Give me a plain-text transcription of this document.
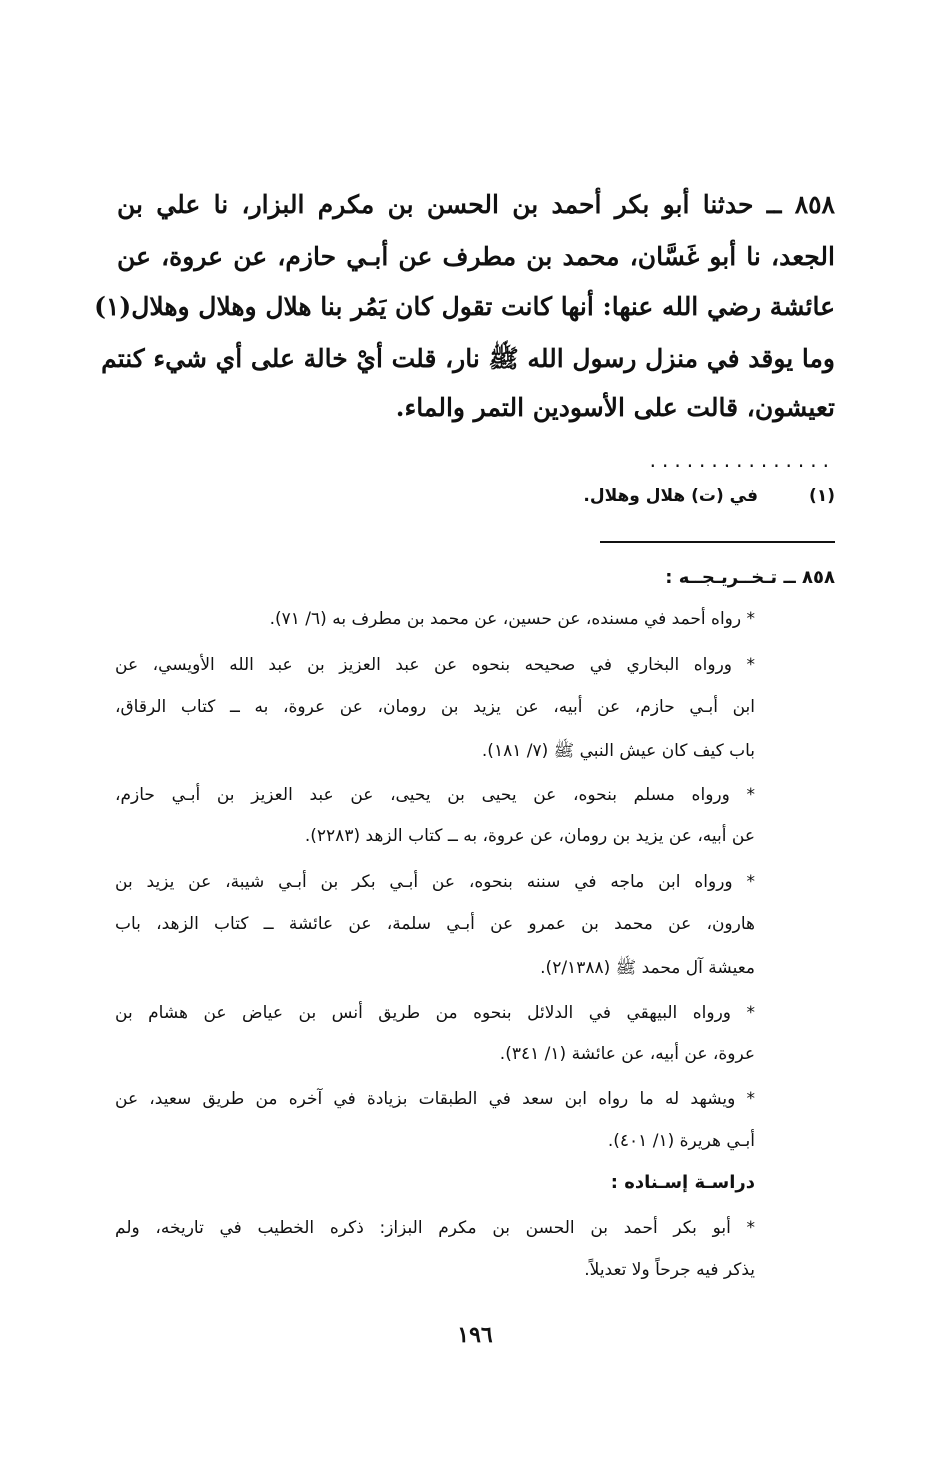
٨٥٨ ــ حدثنا أبو بكر أحمد بن الحسن بن مكرم البزار، نا علي بن
الجعد، نا أبو غَسَّان، محمد بن مطرف عن أبـي حازم، عن عروة، عن
عائشة رضي الله عنها: أنها كانت تقول كان يَمُر بنا هلال وهلال وهلال(١)
وما يوقد في منزل رسول الله ﷺ نار، قلت أيْ خالة على أي شيء كنتم
تعيشون، قالت على الأسودين التمر والماء.
...............
(١)
في (ت) هلال وهلال.
٨٥٨ ــ تـخــريـجــه :
* رواه أحمد في مسنده، عن حسين، عن محمد بن مطرف به (٦/ ٧١).
* ورواه البخاري في صحيحه بنحوه عن عبد العزيز بن عبد الله الأويسي، عن
ابن أبـي حازم، عن أبيه، عن يزيد بن رومان، عن عروة، به ــ كتاب الرقاق،
باب كيف كان عيش النبي ﷺ (٧/ ١٨١).
* ورواه مسلم بنحوه، عن يحيى بن يحيى، عن عبد العزيز بن أبـي حازم،
عن أبيه، عن يزيد بن رومان، عن عروة، به ــ كتاب الزهد (٢٢٨٣).
* ورواه ابن ماجه في سننه بنحوه، عن أبـي بكر بن أبـي شيبة، عن يزيد بن
هارون، عن محمد بن عمرو عن أبـي سلمة، عن عائشة ــ كتاب الزهد، باب
معيشة آل محمد ﷺ (٢/١٣٨٨).
* ورواه البيهقي في الدلائل بنحوه من طريق أنس بن عياض عن هشام بن
عروة، عن أبيه، عن عائشة (١/ ٣٤١).
* ويشهد له ما رواه ابن سعد في الطبقات بزيادة في آخره من طريق سعيد، عن
أبـي هريرة (١/ ٤٠١).
دراسـة إسـناده :
* أبو بكر أحمد بن الحسن بن مكرم البزاز: ذكره الخطيب في تاريخه، ولم
يذكر فيه جرحاً ولا تعديلاً.
١٩٦
